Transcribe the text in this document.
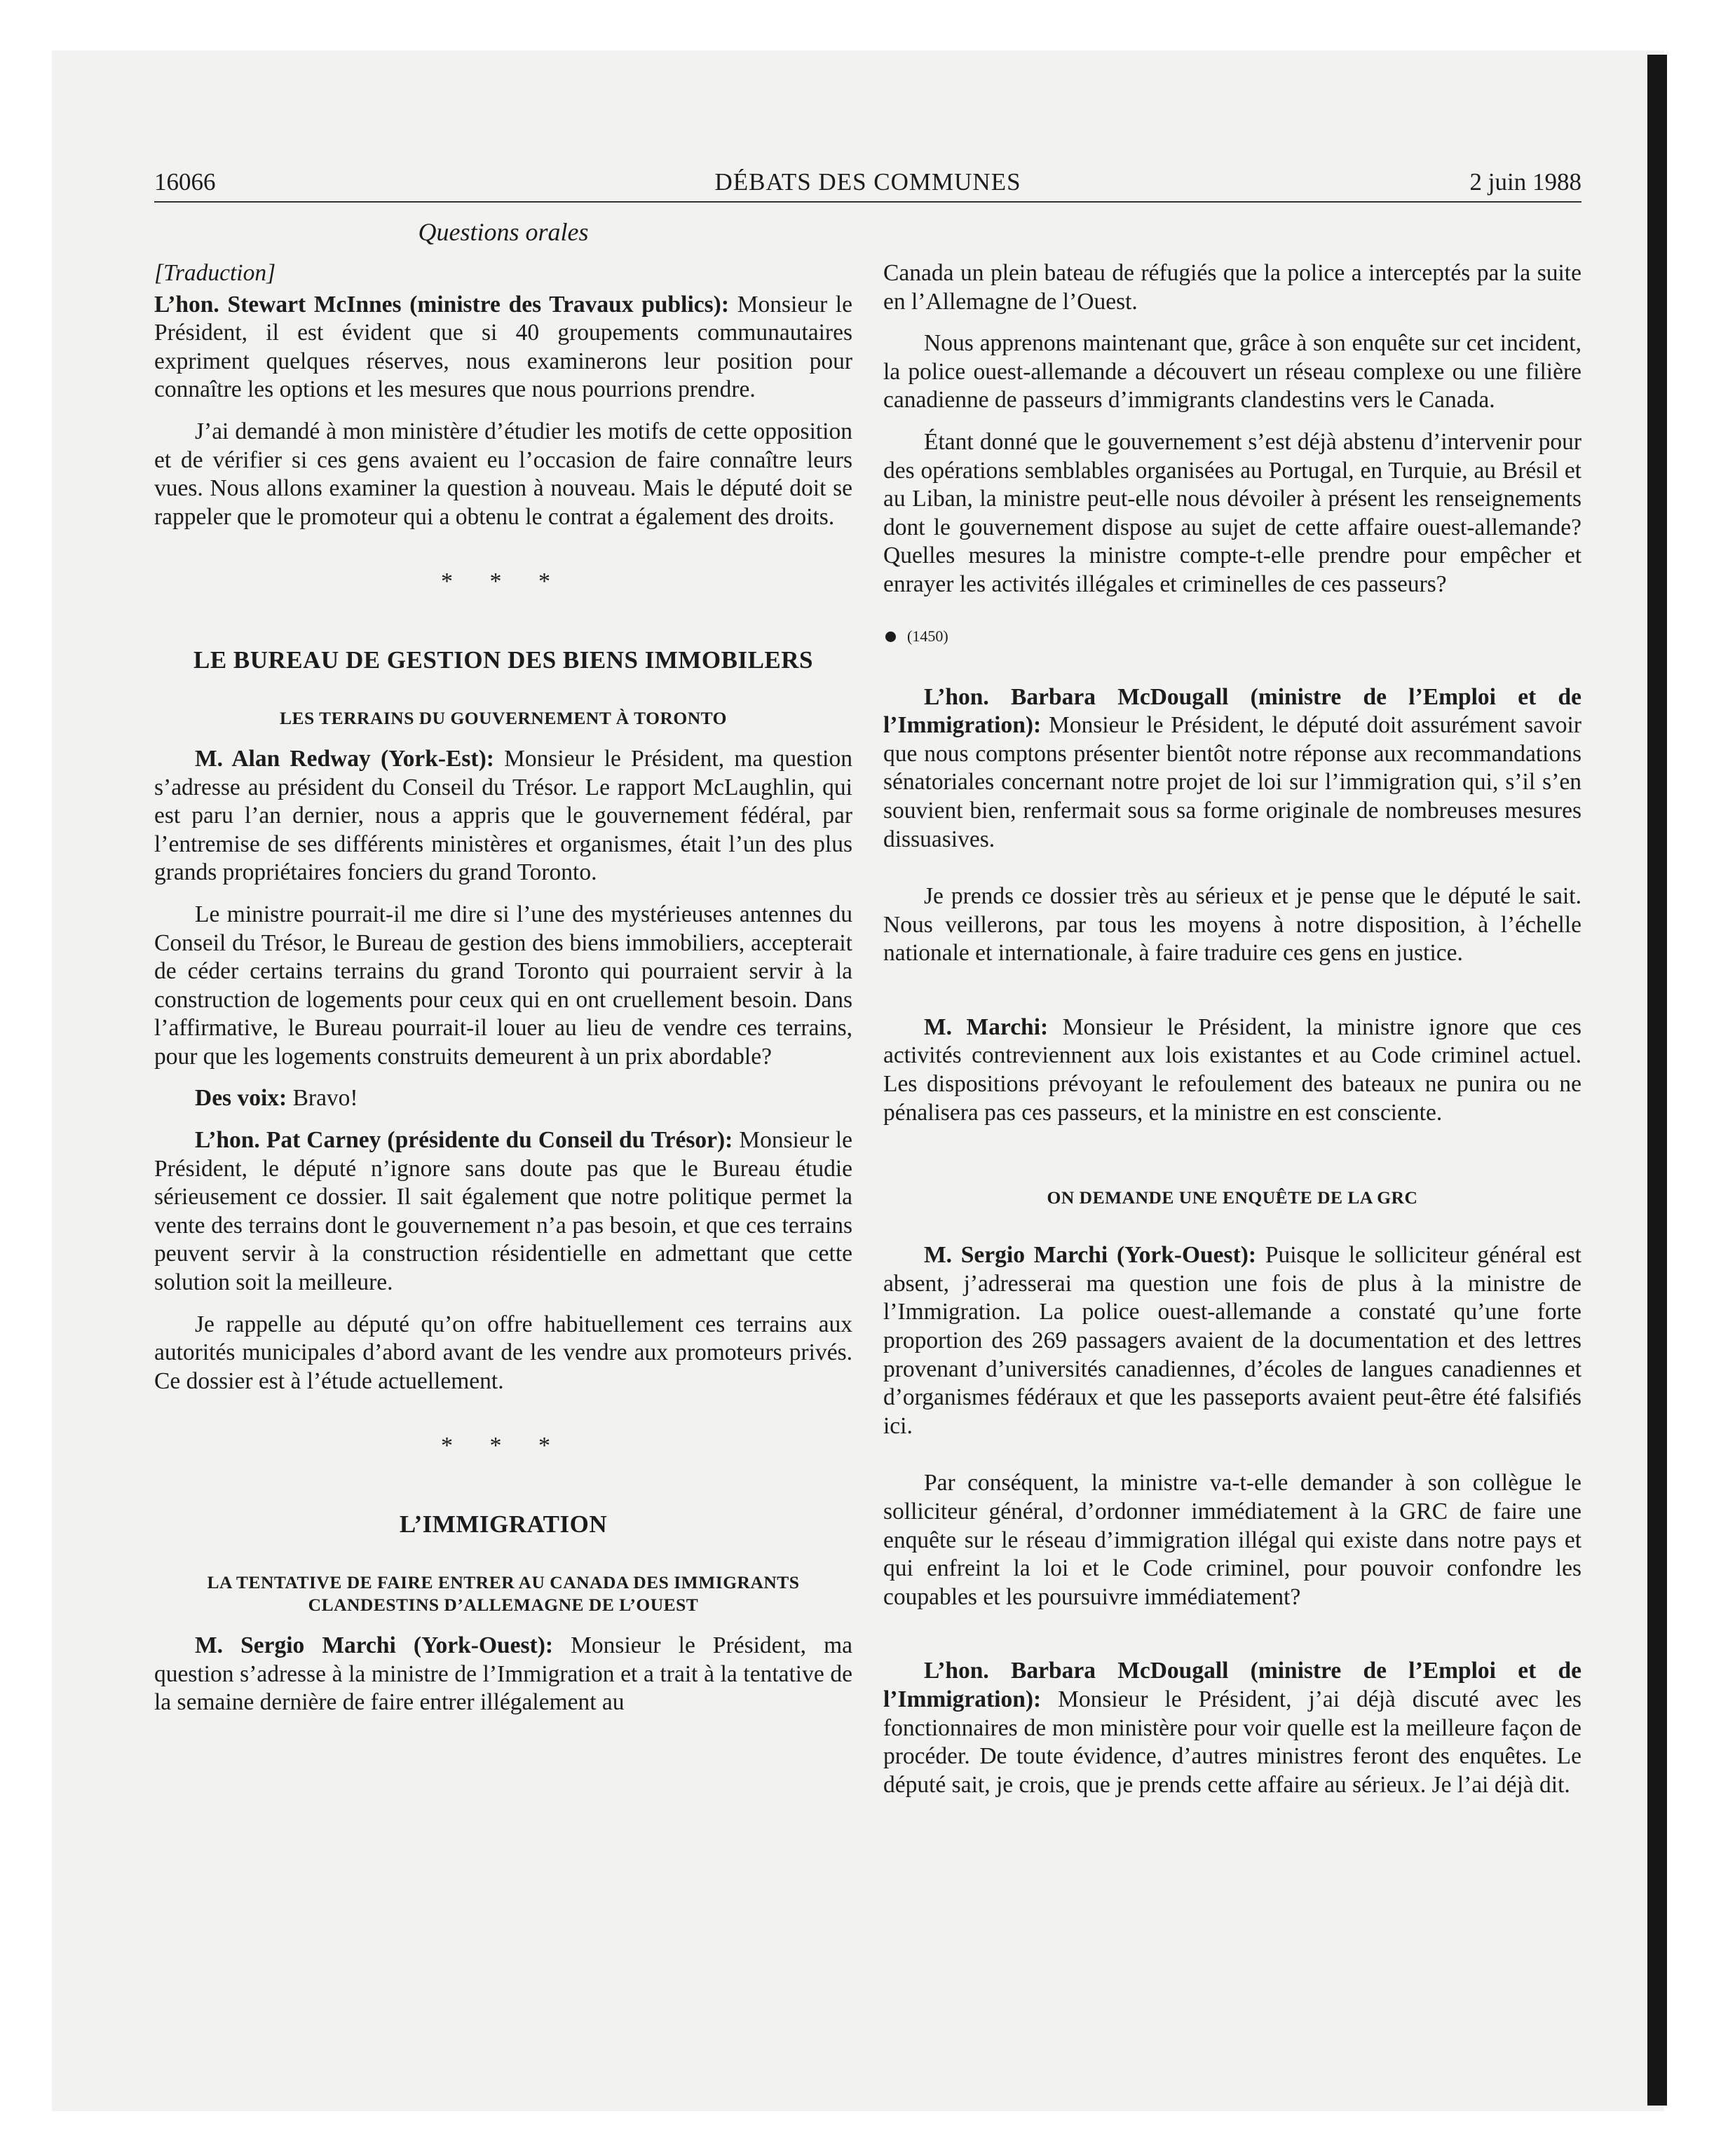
16066	DÉBATS DES COMMUNES	2 juin 1988
Questions orales

[Traduction]

L’hon. Stewart McInnes (ministre des Travaux publics): Monsieur le Président, il est évident que si 40 groupements communautaires expriment quelques réserves, nous examinerons leur position pour connaître les options et les mesures que nous pourrions prendre.

J’ai demandé à mon ministère d’étudier les motifs de cette opposition et de vérifier si ces gens avaient eu l’occasion de faire connaître leurs vues. Nous allons examiner la question à nouveau. Mais le député doit se rappeler que le promoteur qui a obtenu le contrat a également des droits.

* * *
LE BUREAU DE GESTION DES BIENS IMMOBILERS
LES TERRAINS DU GOUVERNEMENT À TORONTO

M. Alan Redway (York-Est): Monsieur le Président, ma question s’adresse au président du Conseil du Trésor. Le rapport McLaughlin, qui est paru l’an dernier, nous a appris que le gouvernement fédéral, par l’entremise de ses différents ministères et organismes, était l’un des plus grands propriétaires fonciers du grand Toronto.

Le ministre pourrait-il me dire si l’une des mystérieuses antennes du Conseil du Trésor, le Bureau de gestion des biens immobiliers, accepterait de céder certains terrains du grand Toronto qui pourraient servir à la construction de logements pour ceux qui en ont cruellement besoin. Dans l’affirmative, le Bureau pourrait-il louer au lieu de vendre ces terrains, pour que les logements construits demeurent à un prix abordable?

Des voix: Bravo!

L’hon. Pat Carney (présidente du Conseil du Trésor): Monsieur le Président, le député n’ignore sans doute pas que le Bureau étudie sérieusement ce dossier. Il sait également que notre politique permet la vente des terrains dont le gouvernement n’a pas besoin, et que ces terrains peuvent servir à la construction résidentielle en admettant que cette solution soit la meilleure.

Je rappelle au député qu’on offre habituellement ces terrains aux autorités municipales d’abord avant de les vendre aux promoteurs privés. Ce dossier est à l’étude actuellement.

* * *
L’IMMIGRATION
LA TENTATIVE DE FAIRE ENTRER AU CANADA DES IMMIGRANTS CLANDESTINS D’ALLEMAGNE DE L’OUEST

M. Sergio Marchi (York-Ouest): Monsieur le Président, ma question s’adresse à la ministre de l’Immigration et a trait à la tentative de la semaine dernière de faire entrer illégalement au

Canada un plein bateau de réfugiés que la police a interceptés par la suite en l’Allemagne de l’Ouest.

Nous apprenons maintenant que, grâce à son enquête sur cet incident, la police ouest-allemande a découvert un réseau complexe ou une filière canadienne de passeurs d’immigrants clandestins vers le Canada.

Étant donné que le gouvernement s’est déjà abstenu d’intervenir pour des opérations semblables organisées au Portugal, en Turquie, au Brésil et au Liban, la ministre peut-elle nous dévoiler à présent les renseignements dont le gouvernement dispose au sujet de cette affaire ouest-allemande? Quelles mesures la ministre compte-t-elle prendre pour empêcher et enrayer les activités illégales et criminelles de ces passeurs?

(1450)

L’hon. Barbara McDougall (ministre de l’Emploi et de l’Immigration): Monsieur le Président, le député doit assurément savoir que nous comptons présenter bientôt notre réponse aux recommandations sénatoriales concernant notre projet de loi sur l’immigration qui, s’il s’en souvient bien, renfermait sous sa forme originale de nombreuses mesures dissuasives.

Je prends ce dossier très au sérieux et je pense que le député le sait. Nous veillerons, par tous les moyens à notre disposition, à l’échelle nationale et internationale, à faire traduire ces gens en justice.

M. Marchi: Monsieur le Président, la ministre ignore que ces activités contreviennent aux lois existantes et au Code criminel actuel. Les dispositions prévoyant le refoulement des bateaux ne punira ou ne pénalisera pas ces passeurs, et la ministre en est consciente.

ON DEMANDE UNE ENQUÊTE DE LA GRC

M. Sergio Marchi (York-Ouest): Puisque le solliciteur général est absent, j’adresserai ma question une fois de plus à la ministre de l’Immigration. La police ouest-allemande a constaté qu’une forte proportion des 269 passagers avaient de la documentation et des lettres provenant d’universités canadiennes, d’écoles de langues canadiennes et d’organismes fédéraux et que les passeports avaient peut-être été falsifiés ici.

Par conséquent, la ministre va-t-elle demander à son collègue le solliciteur général, d’ordonner immédiatement à la GRC de faire une enquête sur le réseau d’immigration illégal qui existe dans notre pays et qui enfreint la loi et le Code criminel, pour pouvoir confondre les coupables et les poursuivre immédiatement?

L’hon. Barbara McDougall (ministre de l’Emploi et de l’Immigration): Monsieur le Président, j’ai déjà discuté avec les fonctionnaires de mon ministère pour voir quelle est la meilleure façon de procéder. De toute évidence, d’autres ministres feront des enquêtes. Le député sait, je crois, que je prends cette affaire au sérieux. Je l’ai déjà dit.
